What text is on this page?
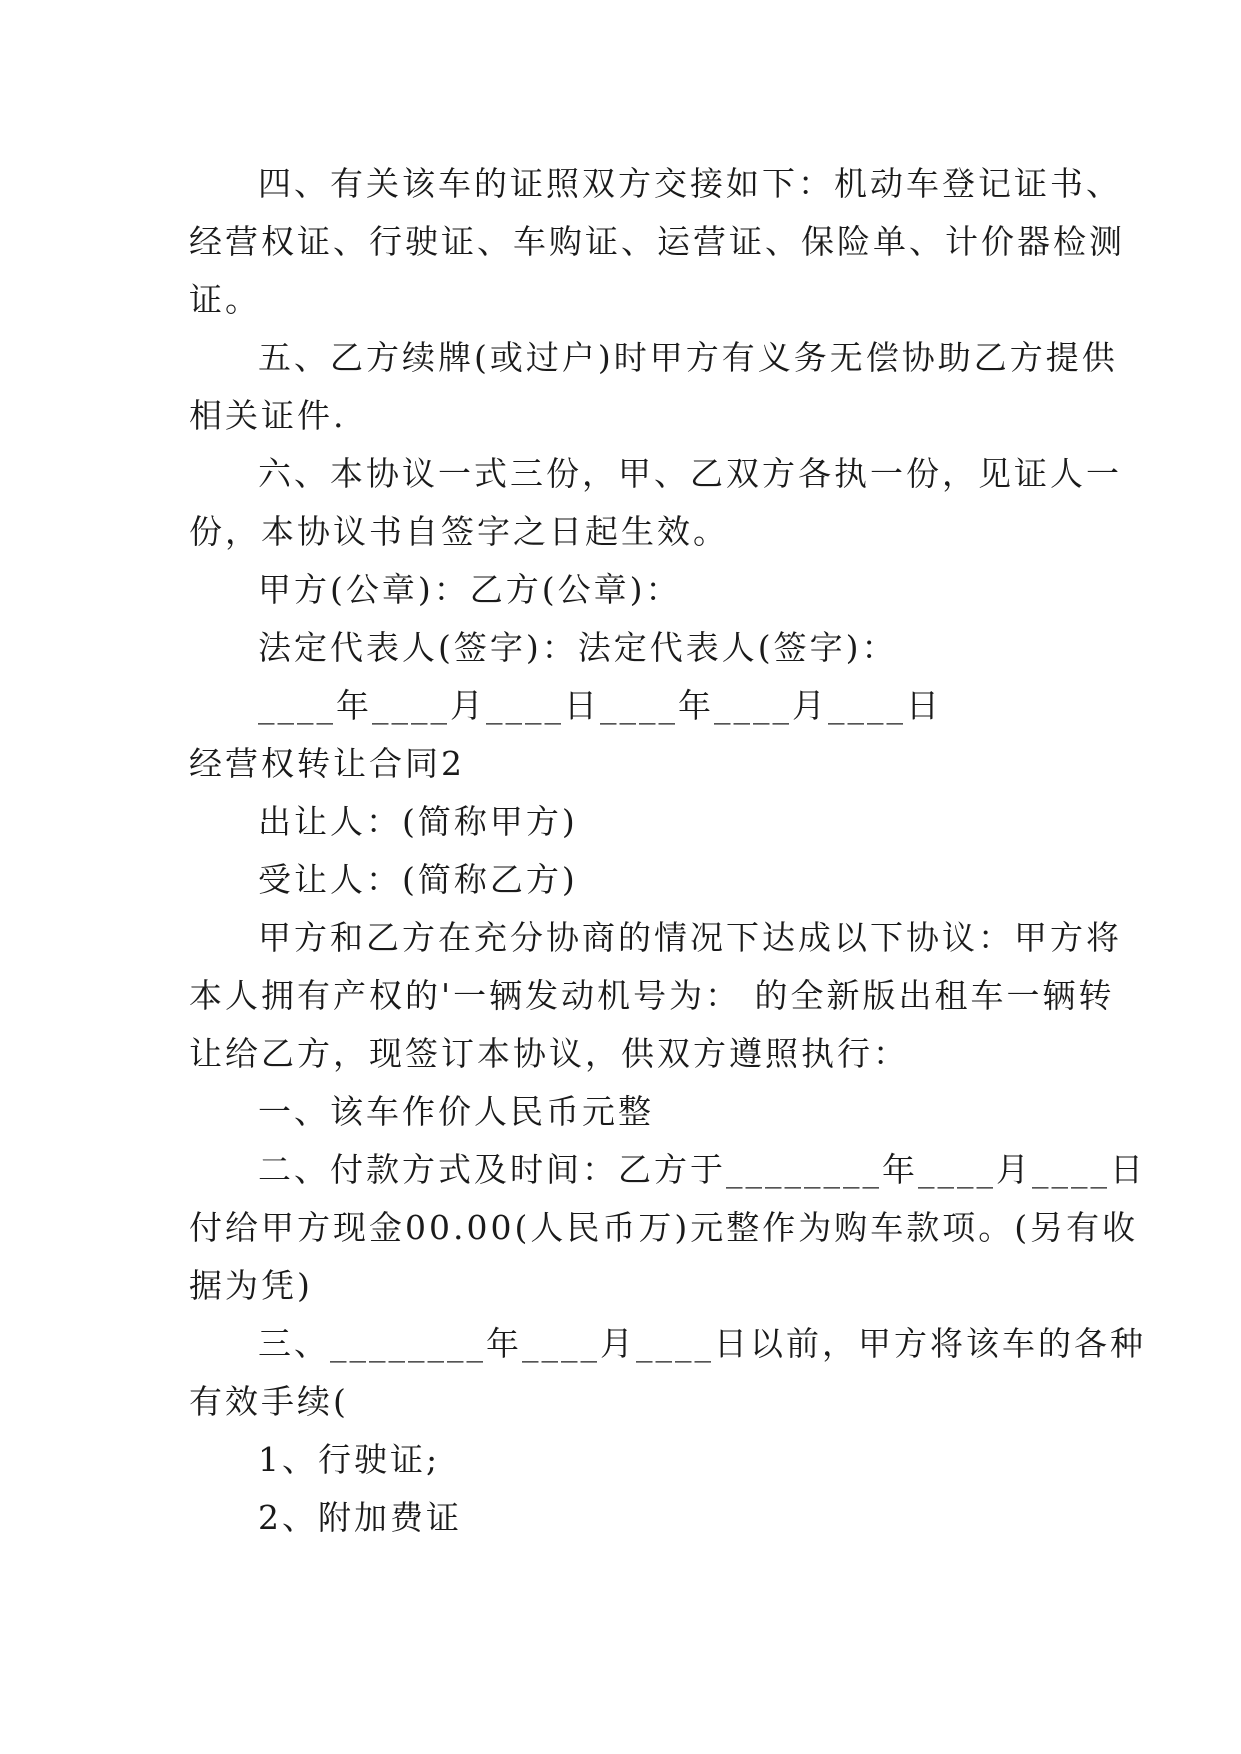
四、有关该车的证照双方交接如下：机动车登记证书、
经营权证、行驶证、车购证、运营证、保险单、计价器检测
证。
五、乙方续牌(或过户)时甲方有义务无偿协助乙方提供
相关证件.
六、本协议一式三份，甲、乙双方各执一份，见证人一
份，本协议书自签字之日起生效。
甲方(公章)：乙方(公章)：
法定代表人(签字)：法定代表人(签字)：
____年____月____日____年____月____日
经营权转让合同2
出让人：(简称甲方)
受让人：(简称乙方)
甲方和乙方在充分协商的情况下达成以下协议：甲方将
本人拥有产权的'一辆发动机号为： 的全新版出租车一辆转
让给乙方，现签订本协议，供双方遵照执行：
一、该车作价人民币元整
二、付款方式及时间：乙方于________年____月____日
付给甲方现金00.00(人民币万)元整作为购车款项。(另有收
据为凭)
三、________年____月____日以前，甲方将该车的各种
有效手续(
1、行驶证;
2、附加费证
